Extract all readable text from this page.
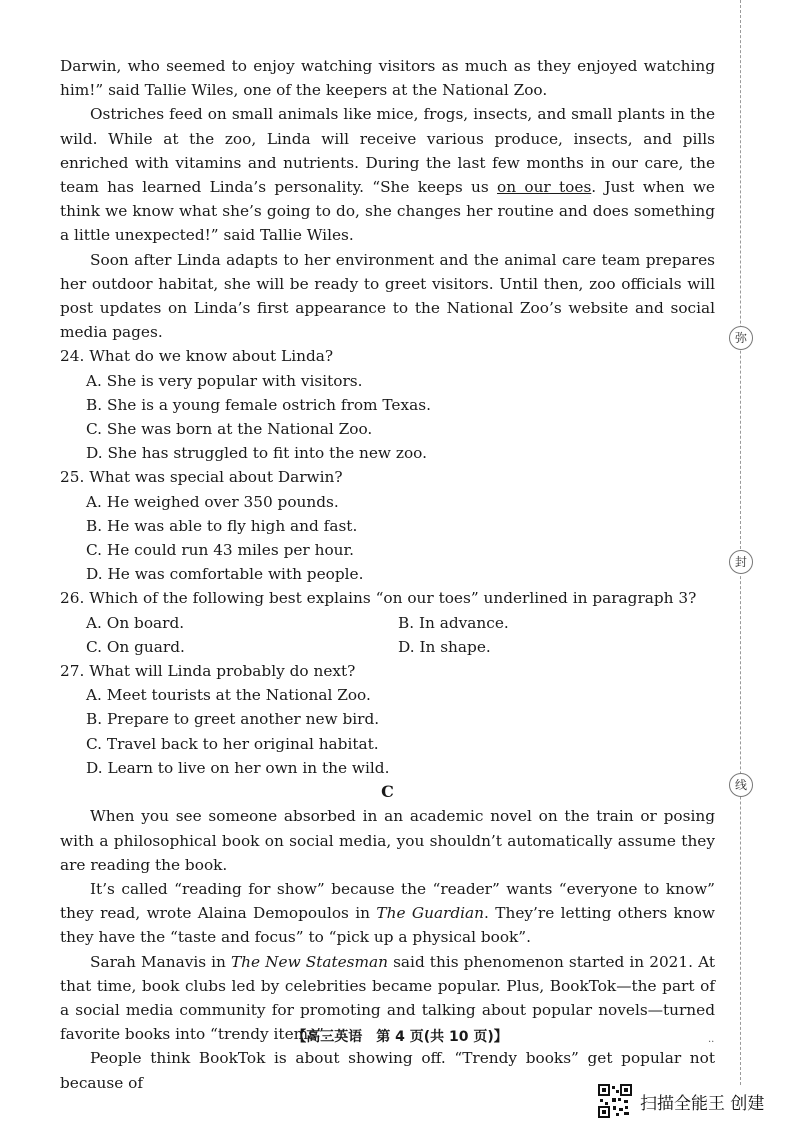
Darwin, who seemed to enjoy watching visitors as much as they enjoyed watching him!” said Tallie Wiles, one of the keepers at the National Zoo.

Ostriches feed on small animals like mice, frogs, insects, and small plants in the wild. While at the zoo, Linda will receive various produce, insects, and pills enriched with vitamins and nutrients. During the last few months in our care, the team has learned Linda’s personality. “She keeps us on our toes. Just when we think we know what she’s going to do, she changes her routine and does something a little unexpected!” said Tallie Wiles.

Soon after Linda adapts to her environment and the animal care team prepares her outdoor habitat, she will be ready to greet visitors. Until then, zoo officials will post updates on Linda’s first appearance to the National Zoo’s website and social media pages.

24. What do we know about Linda?
A. She is very popular with visitors.
B. She is a young female ostrich from Texas.
C. She was born at the National Zoo.
D. She has struggled to fit into the new zoo.
25. What was special about Darwin?
A. He weighed over 350 pounds.
B. He was able to fly high and fast.
C. He could run 43 miles per hour.
D. He was comfortable with people.
26. Which of the following best explains “on our toes” underlined in paragraph 3?
A. On board.	B. In advance.
C. On guard.	D. In shape.
27. What will Linda probably do next?
A. Meet tourists at the National Zoo.
B. Prepare to greet another new bird.
C. Travel back to her original habitat.
D. Learn to live on her own in the wild.
C

When you see someone absorbed in an academic novel on the train or posing with a philosophical book on social media, you shouldn’t automatically assume they are reading the book.

It’s called “reading for show” because the “reader” wants “everyone to know” they read, wrote Alaina Demopoulos in The Guardian. They’re letting others know they have the “taste and focus” to “pick up a physical book”.

Sarah Manavis in The New Statesman said this phenomenon started in 2021. At that time, book clubs led by celebrities became popular. Plus, BookTok—the part of a social media community for promoting and talking about popular novels—turned favorite books into “trendy items”.

People think BookTok is about showing off. “Trendy books” get popular not because of

弥
封
线
【高三英语　第 4 页(共 10 页)】	..
扫描全能王 创建
